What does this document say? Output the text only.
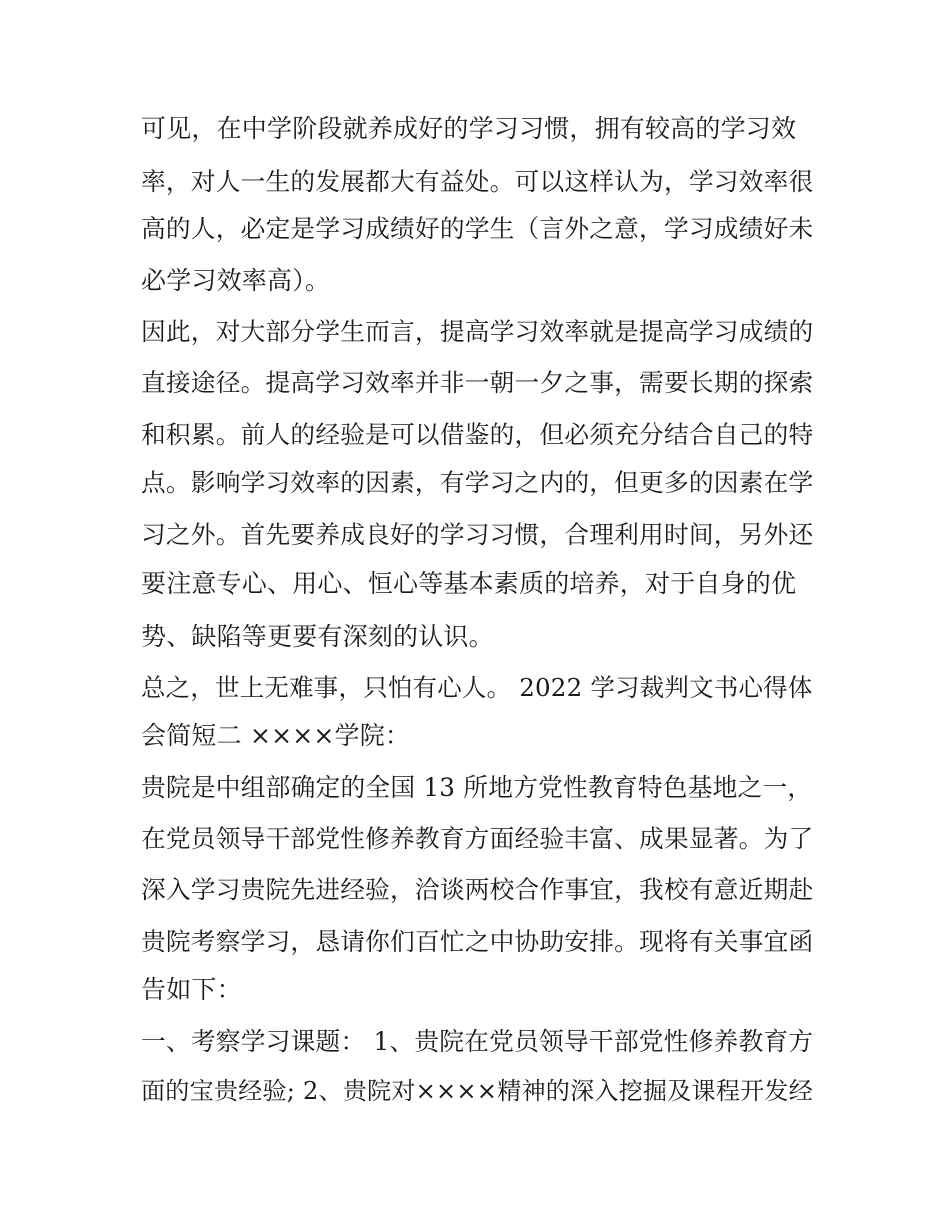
可见，在中学阶段就养成好的学习习惯，拥有较高的学习效
率，对人一生的发展都大有益处。可以这样认为，学习效率很
高的人，必定是学习成绩好的学生（言外之意，学习成绩好未
必学习效率高）。
因此，对大部分学生而言，提高学习效率就是提高学习成绩的
直接途径。提高学习效率并非一朝一夕之事，需要长期的探索
和积累。前人的经验是可以借鉴的，但必须充分结合自己的特
点。影响学习效率的因素，有学习之内的，但更多的因素在学
习之外。首先要养成良好的学习习惯，合理利用时间，另外还
要注意专心、用心、恒心等基本素质的培养，对于自身的优
势、缺陷等更要有深刻的认识。
总之，世上无难事，只怕有心人。 2022 学习裁判文书心得体
会简短二 ××××学院：
贵院是中组部确定的全国 13 所地方党性教育特色基地之一，
在党员领导干部党性修养教育方面经验丰富、成果显著。为了
深入学习贵院先进经验，洽谈两校合作事宜，我校有意近期赴
贵院考察学习，恳请你们百忙之中协助安排。现将有关事宜函
告如下：
一、考察学习课题： 1、贵院在党员领导干部党性修养教育方
面的宝贵经验; 2、贵院对××××精神的深入挖掘及课程开发经
